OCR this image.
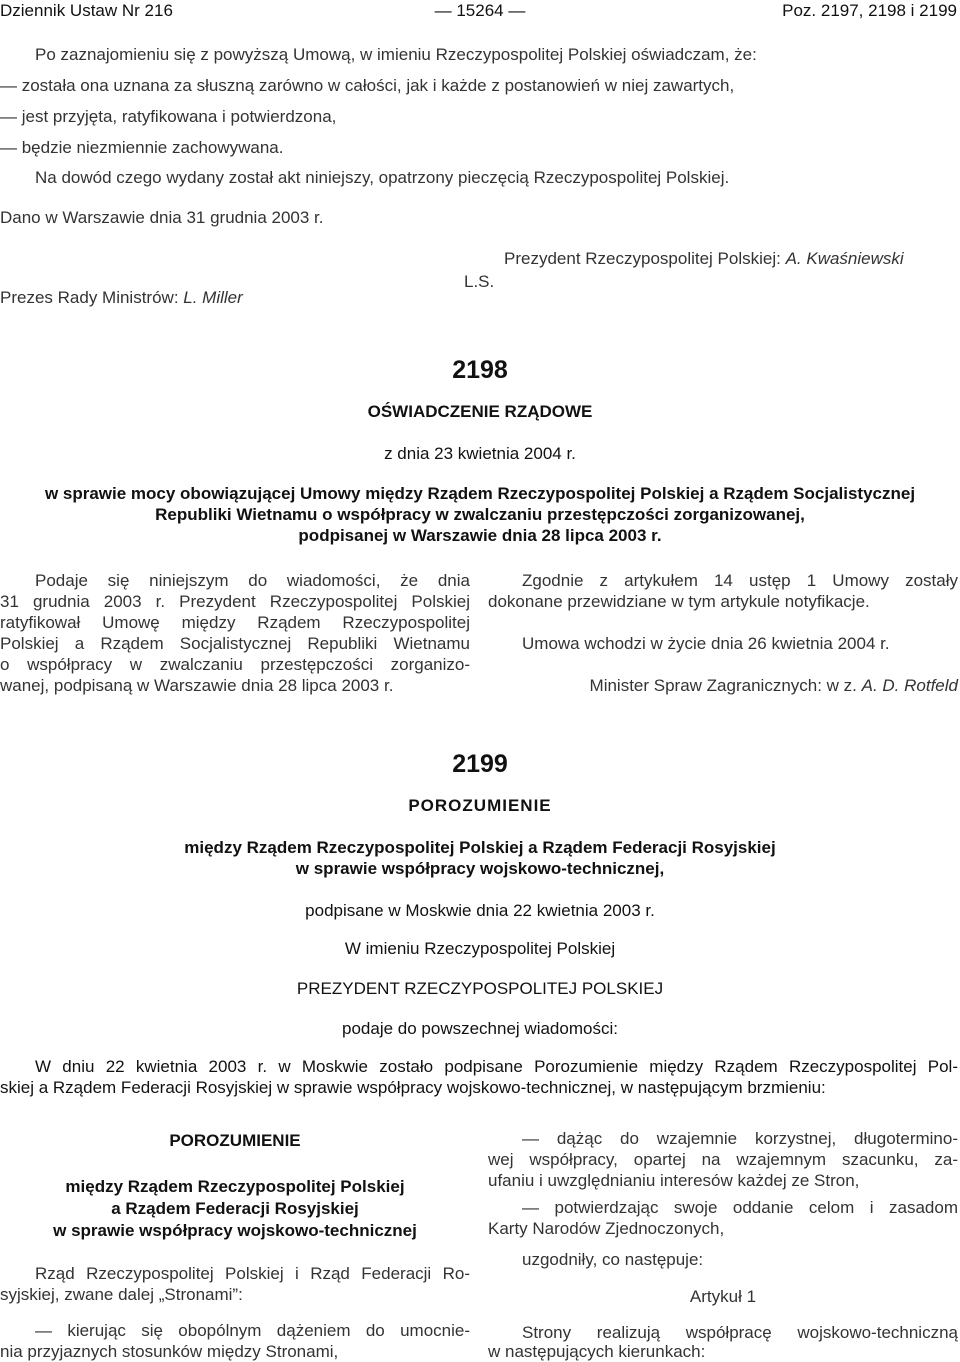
Dziennik Ustaw Nr 216	— 15264 —	Poz. 2197, 2198 i 2199
Po zaznajomieniu się z powyższą Umową, w imieniu Rzeczypospolitej Polskiej oświadczam, że:
— została ona uznana za słuszną zarówno w całości, jak i każde z postanowień w niej zawartych,
— jest przyjęta, ratyfikowana i potwierdzona,
— będzie niezmiennie zachowywana.
Na dowód czego wydany został akt niniejszy, opatrzony pieczęcią Rzeczypospolitej Polskiej.
Dano w Warszawie dnia 31 grudnia 2003 r.
Prezydent Rzeczypospolitej Polskiej: A. Kwaśniewski
L.S.
Prezes Rady Ministrów: L. Miller
2198
OŚWIADCZENIE RZĄDOWE
z dnia 23 kwietnia 2004 r.
w sprawie mocy obowiązującej Umowy między Rządem Rzeczypospolitej Polskiej a Rządem Socjalistycznej
Republiki Wietnamu o współpracy w zwalczaniu przestępczości zorganizowanej,
podpisanej w Warszawie dnia 28 lipca 2003 r.
Podaje się niniejszym do wiadomości, że dnia
31 grudnia 2003 r. Prezydent Rzeczypospolitej Polskiej
ratyfikował Umowę między Rządem Rzeczypospolitej
Polskiej a Rządem Socjalistycznej Republiki Wietnamu
o współpracy w zwalczaniu przestępczości zorganizo-
wanej, podpisaną w Warszawie dnia 28 lipca 2003 r.
Zgodnie z artykułem 14 ustęp 1 Umowy zostały
dokonane przewidziane w tym artykule notyfikacje.
Umowa wchodzi w życie dnia 26 kwietnia 2004 r.
Minister Spraw Zagranicznych: w z. A. D. Rotfeld
2199
POROZUMIENIE
między Rządem Rzeczypospolitej Polskiej a Rządem Federacji Rosyjskiej
w sprawie współpracy wojskowo-technicznej,
podpisane w Moskwie dnia 22 kwietnia 2003 r.
W imieniu Rzeczypospolitej Polskiej
PREZYDENT RZECZYPOSPOLITEJ POLSKIEJ
podaje do powszechnej wiadomości:
W dniu 22 kwietnia 2003 r. w Moskwie zostało podpisane Porozumienie między Rządem Rzeczypospolitej Pol-
skiej a Rządem Federacji Rosyjskiej w sprawie współpracy wojskowo-technicznej, w następującym brzmieniu:
POROZUMIENIE
między Rządem Rzeczypospolitej Polskiej
a Rządem Federacji Rosyjskiej
w sprawie współpracy wojskowo-technicznej
Rząd Rzeczypospolitej Polskiej i Rząd Federacji Ro-
syjskiej, zwane dalej „Stronami”:
— kierując się obopólnym dążeniem do umocnie-
nia przyjaznych stosunków między Stronami,
— dążąc do wzajemnie korzystnej, długotermino-
wej współpracy, opartej na wzajemnym szacunku, za-
ufaniu i uwzględnianiu interesów każdej ze Stron,
— potwierdzając swoje oddanie celom i zasadom
Karty Narodów Zjednoczonych,
uzgodniły, co następuje:
Artykuł 1
Strony realizują współpracę wojskowo-techniczną
w następujących kierunkach:
